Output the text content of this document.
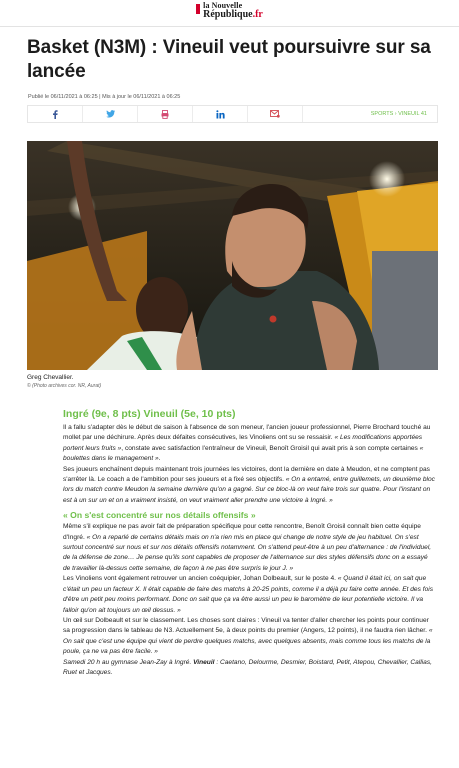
la Nouvelle
République.fr
Basket (N3M) : Vineuil veut poursuivre sur sa lancée
Publié le 06/11/2021 à 06:25 | Mis à jour le 06/11/2021 à 06:25
SPORTS › VINEUIL 41
Greg Chevallier.
© (Photo archives cor. NR, Aurat)
Ingré (9e, 8 pts) Vineuil (5e, 10 pts)

Il a fallu s'adapter dès le début de saison à l'absence de son meneur, l'ancien joueur professionnel, Pierre Brochard touché au mollet par une déchirure. Après deux défaites consécutives, les Vinoliens ont su se ressaisir. « Les modifications apportées portent leurs fruits », constate avec satisfaction l'entraîneur de Vineuil, Benoît Groisil qui avait pris à son compte certaines « boulettes dans le management ».

Ses joueurs enchaînent depuis maintenant trois journées les victoires, dont la dernière en date à Meudon, et ne comptent pas s'arrêter là. Le coach a de l'ambition pour ses joueurs et a fixé ses objectifs. « On a entamé, entre guillemets, un deuxième bloc lors du match contre Meudon la semaine dernière qu'on a gagné. Sur ce bloc-là on veut faire trois sur quatre. Pour l'instant on est à un sur un et on a vraiment insisté, on veut vraiment aller prendre une victoire à Ingré. »

« On s'est concentré sur nos détails offensifs »

Même s'il explique ne pas avoir fait de préparation spécifique pour cette rencontre, Benoît Groisil connaît bien cette équipe d'Ingré. « On a reparlé de certains détails mais on n'a rien mis en place qui change de notre style de jeu habituel. On s'est surtout concentré sur nous et sur nos détails offensifs notamment. On s'attend peut-être à un peu d'alternance : de l'individuel, de la défense de zone… Je pense qu'ils sont capables de proposer de l'alternance sur des styles défensifs donc on a essayé de travailler là-dessus cette semaine, de façon à ne pas être surpris le jour J. »

Les Vinoliens vont également retrouver un ancien coéquipier, Johan Dolbeault, sur le poste 4. « Quand il était ici, on sait que c'était un peu un facteur X. Il était capable de faire des matchs à 20-25 points, comme il a déjà pu faire cette année. Et des fois d'être un petit peu moins performant. Donc on sait que ça va être aussi un peu le baromètre de leur potentielle victoire. Il va falloir qu'on ait toujours un œil dessus. »

Un œil sur Dolbeault et sur le classement. Les choses sont claires : Vineuil va tenter d'aller chercher les points pour continuer sa progression dans le tableau de N3. Actuellement 5e, à deux points du premier (Angers, 12 points), il ne faudra rien lâcher. « On sait que c'est une équipe qui vient de perdre quelques matchs, avec quelques absents, mais comme tous les matchs de la poule, ça ne va pas être facile. »

Samedi 20 h au gymnase Jean-Zay à Ingré. Vineuil : Caetano, Delourme, Desmier, Boistard, Petit, Atepou, Chevallier, Callias, Ruet et Jacques.
